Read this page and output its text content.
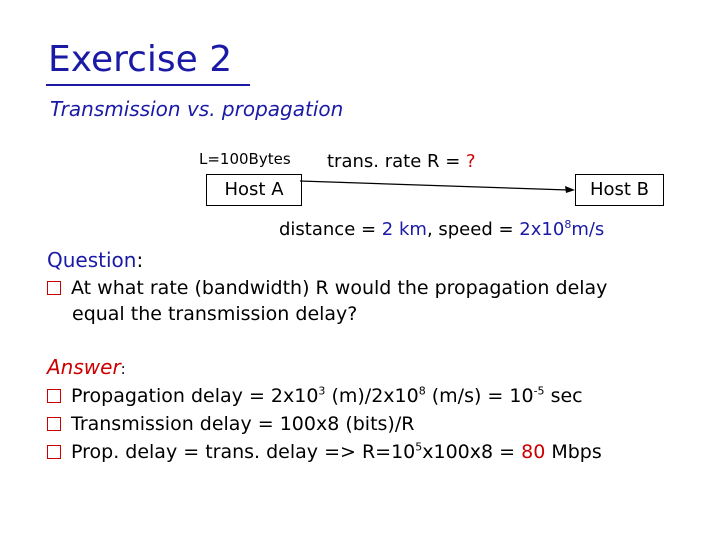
Exercise 2
Transmission vs. propagation
L=100Bytes
Host A	Host B
trans. rate R = ?
distance = 2 km, speed = $2x10^8m/s$
Question:
At what rate (bandwidth) R would the propagation delay
equal the transmission delay?
Answer:
Propagation delay = $2x10^3$ $(m)/2x10^8$ $(m/s) = 10^{-5}$ sec
Transmission delay = 100x8 (bits)/R
Prop. delay = trans. delay => $R=10^5x100x8 = 80$ Mbps
